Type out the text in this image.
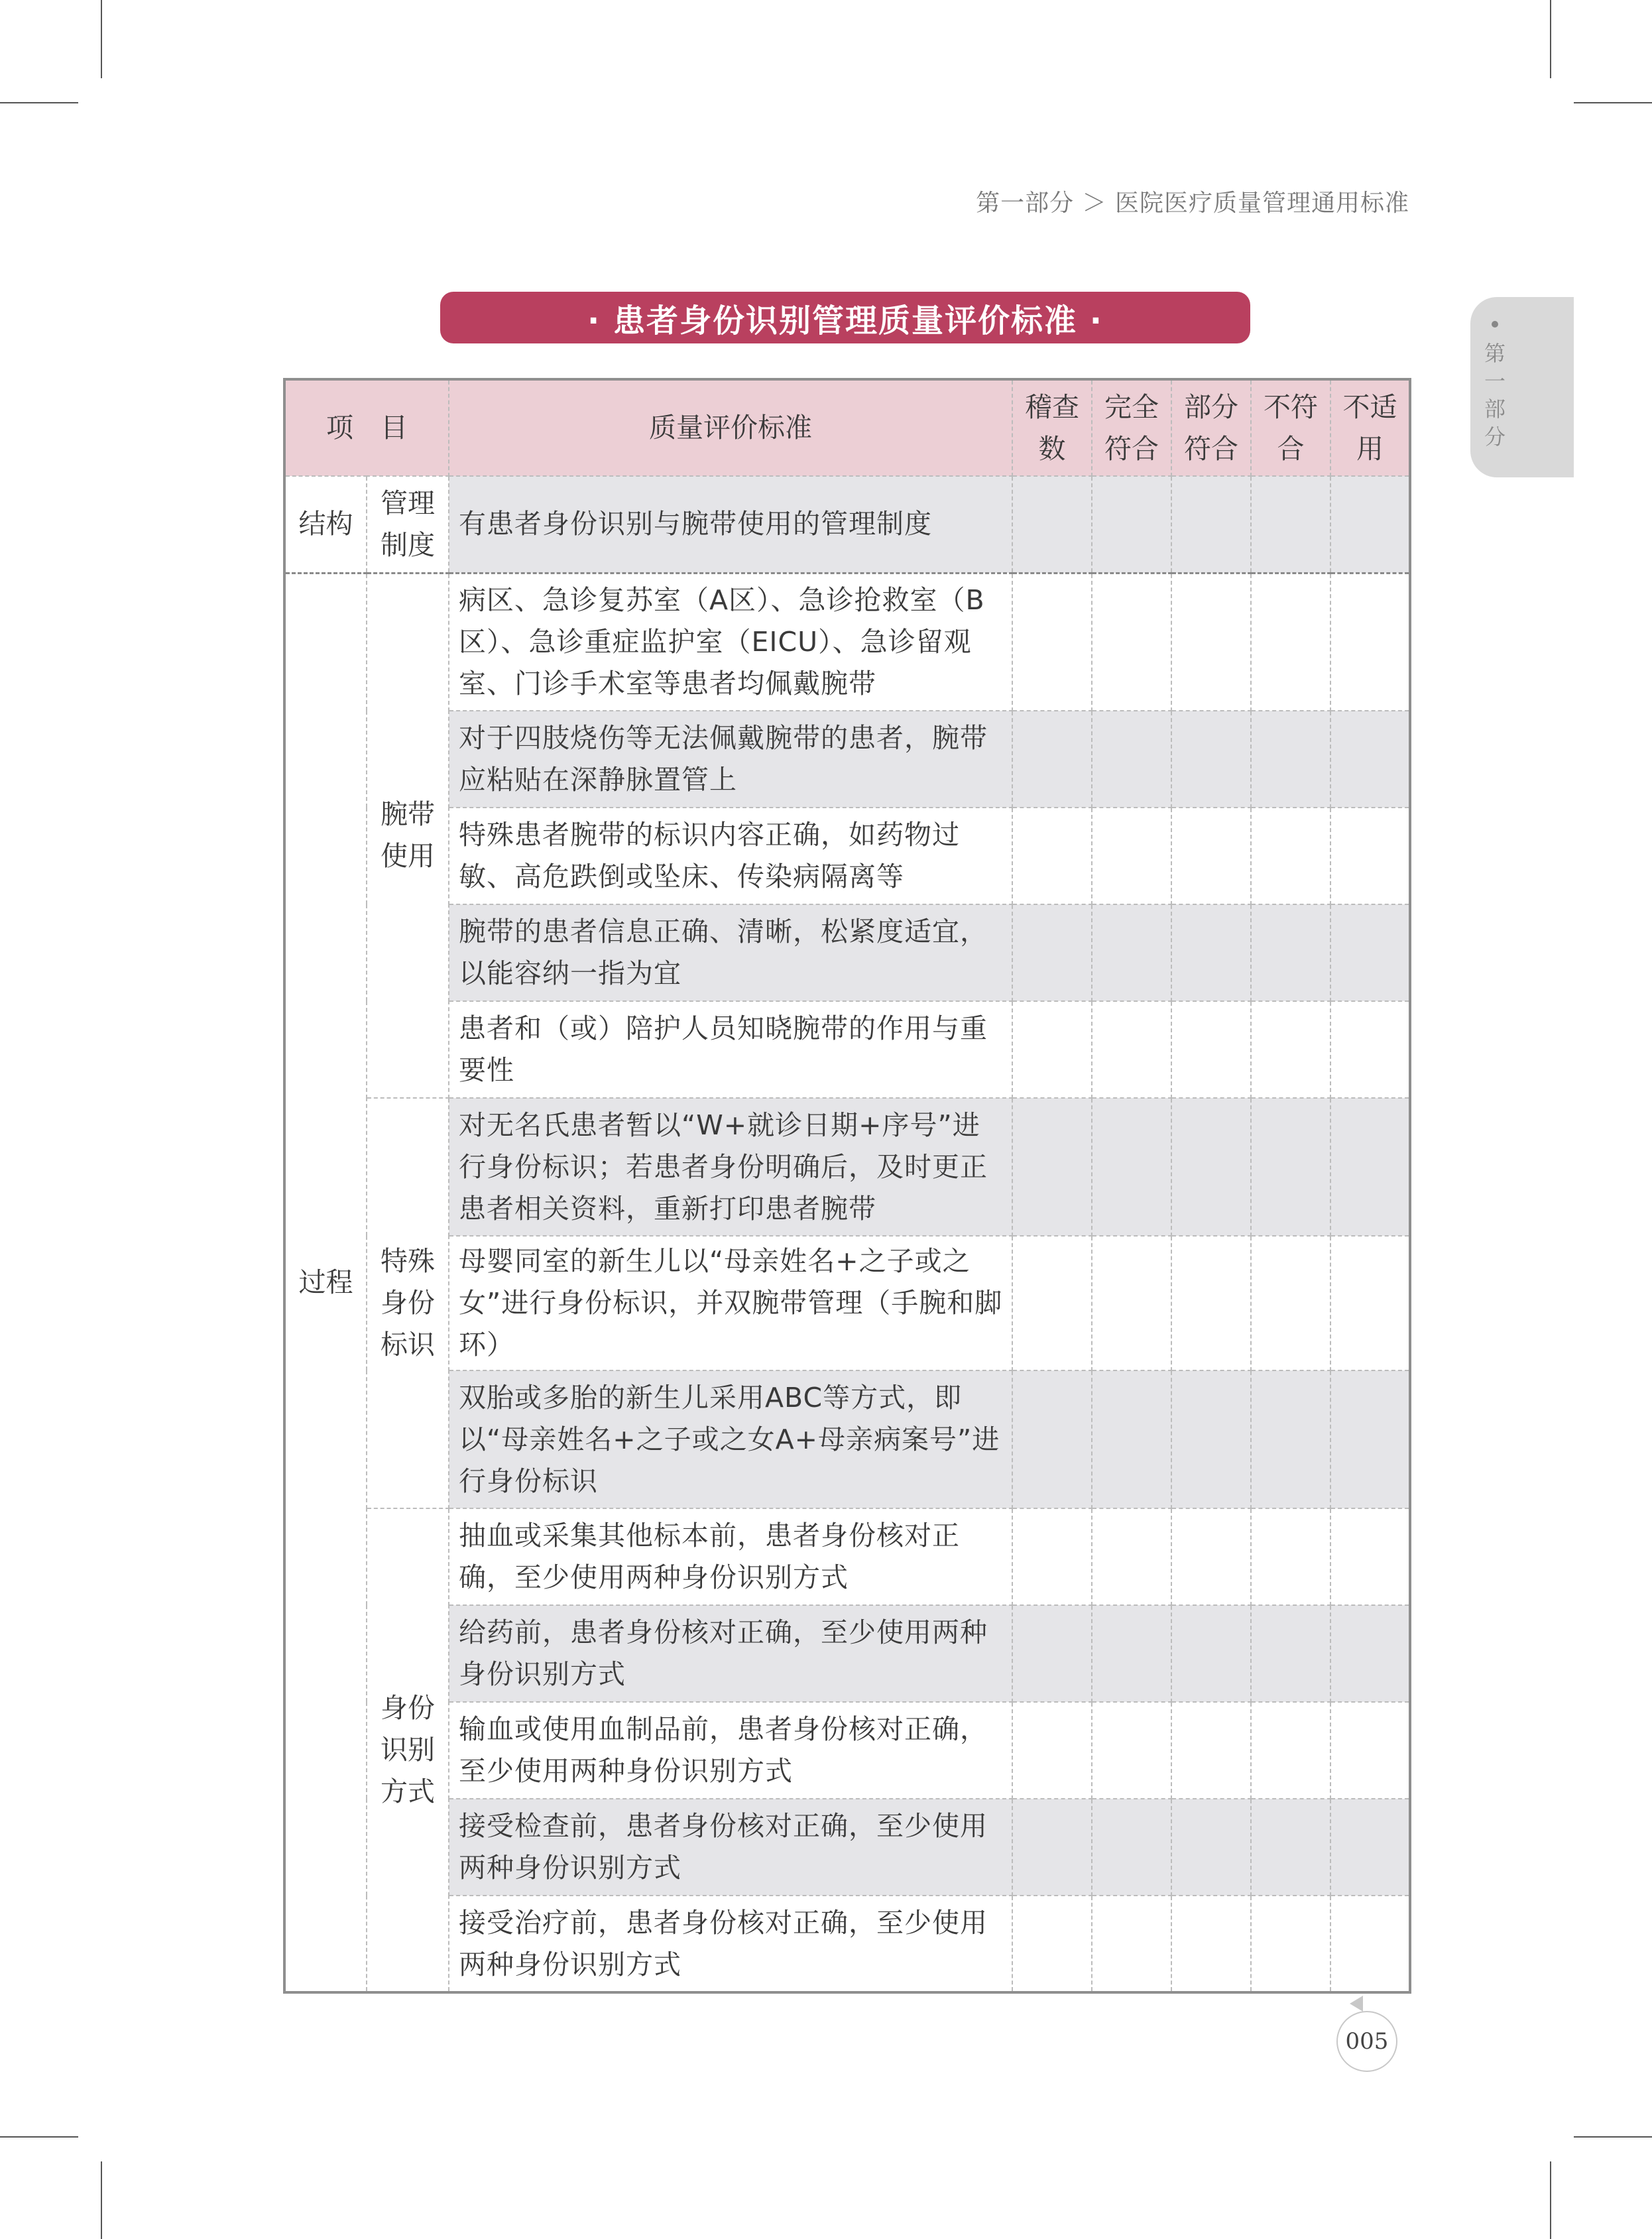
第一部分 ＞ 医院医疗质量管理通用标准
第一部分
· 患者身份识别管理质量评价标准 ·
项　目		质量评价标准	稽查数	完全符合	部分符合	不符合	不适用
结构	管理制度	有患者身份识别与腕带使用的管理制度					
过程	腕带使用	病区、急诊复苏室（A区）、急诊抢救室（B区）、急诊重症监护室（EICU）、急诊留观室、门诊手术室等患者均佩戴腕带					
		对于四肢烧伤等无法佩戴腕带的患者，腕带应粘贴在深静脉置管上					
		特殊患者腕带的标识内容正确，如药物过敏、高危跌倒或坠床、传染病隔离等					
		腕带的患者信息正确、清晰，松紧度适宜，以能容纳一指为宜					
		患者和（或）陪护人员知晓腕带的作用与重要性					
	特殊身份标识	对无名氏患者暂以“W+就诊日期+序号”进行身份标识；若患者身份明确后，及时更正患者相关资料，重新打印患者腕带					
		母婴同室的新生儿以“母亲姓名+之子或之女”进行身份标识，并双腕带管理（手腕和脚环）					
		双胎或多胎的新生儿采用ABC等方式，即以“母亲姓名+之子或之女A+母亲病案号”进行身份标识					
	身份识别方式	抽血或采集其他标本前，患者身份核对正确，至少使用两种身份识别方式					
		给药前，患者身份核对正确，至少使用两种身份识别方式					
		输血或使用血制品前，患者身份核对正确，至少使用两种身份识别方式					
		接受检查前，患者身份核对正确，至少使用两种身份识别方式					
		接受治疗前，患者身份核对正确，至少使用两种身份识别方式					
005
